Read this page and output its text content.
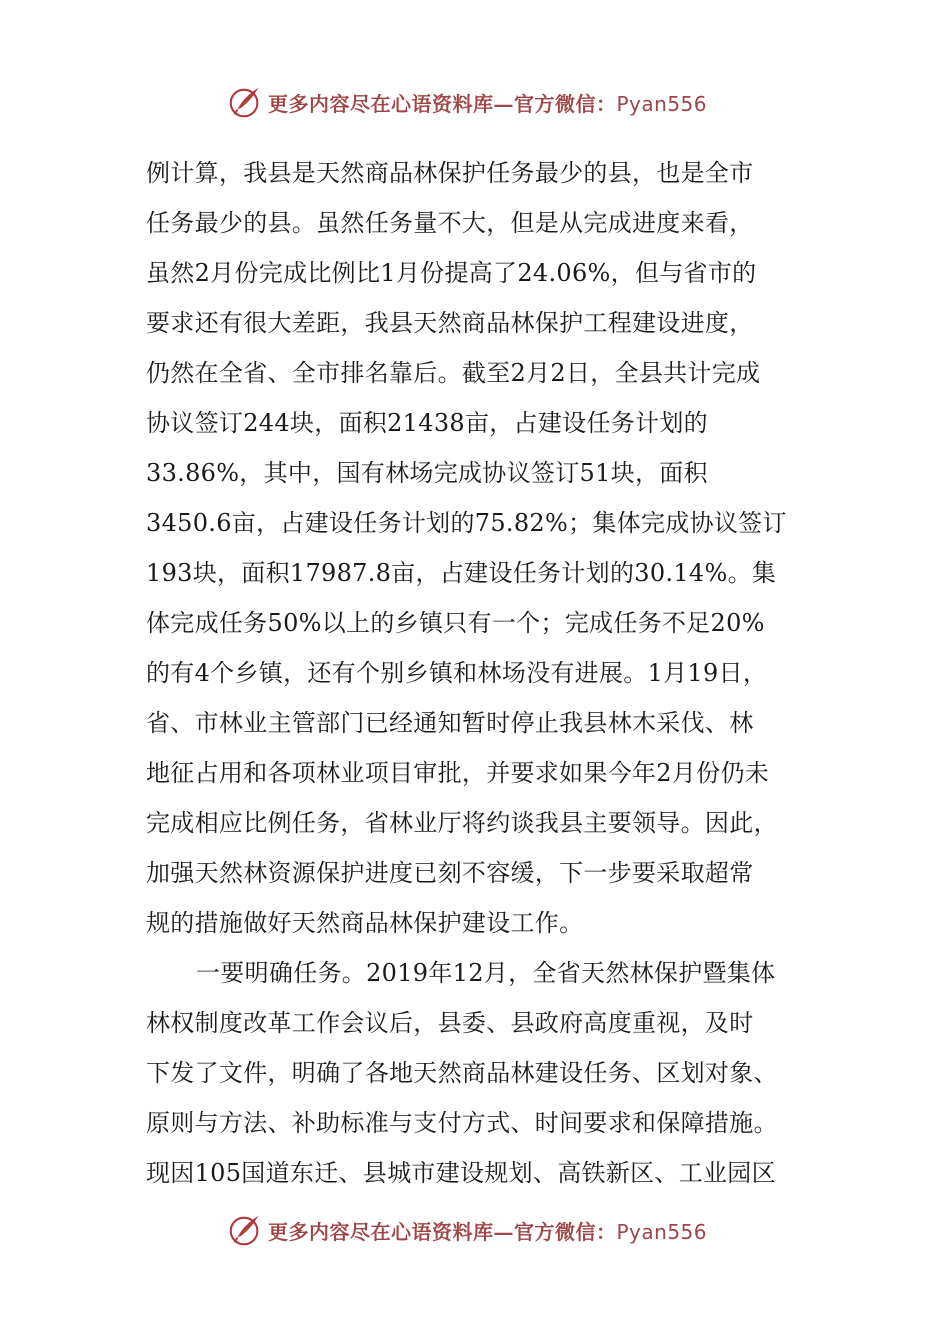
更多内容尽在心语资料库—官方微信：Pyan556
例计算，我县是天然商品林保护任务最少的县，也是全市
任务最少的县。虽然任务量不大，但是从完成进度来看，
虽然2月份完成比例比1月份提高了24.06%，但与省市的
要求还有很大差距，我县天然商品林保护工程建设进度，
仍然在全省、全市排名靠后。截至2月2日，全县共计完成
协议签订244块，面积21438亩，占建设任务计划的
33.86%，其中，国有林场完成协议签订51块，面积
3450.6亩，占建设任务计划的75.82%；集体完成协议签订
193块，面积17987.8亩，占建设任务计划的30.14%。集
体完成任务50%以上的乡镇只有一个；完成任务不足20%
的有4个乡镇，还有个别乡镇和林场没有进展。1月19日，
省、市林业主管部门已经通知暂时停止我县林木采伐、林
地征占用和各项林业项目审批，并要求如果今年2月份仍未
完成相应比例任务，省林业厅将约谈我县主要领导。因此，
加强天然林资源保护进度已刻不容缓，下一步要采取超常
规的措施做好天然商品林保护建设工作。
一要明确任务。2019年12月，全省天然林保护暨集体
林权制度改革工作会议后，县委、县政府高度重视，及时
下发了文件，明确了各地天然商品林建设任务、区划对象、
原则与方法、补助标准与支付方式、时间要求和保障措施。
现因105国道东迁、县城市建设规划、高铁新区、工业园区
更多内容尽在心语资料库—官方微信：Pyan556
